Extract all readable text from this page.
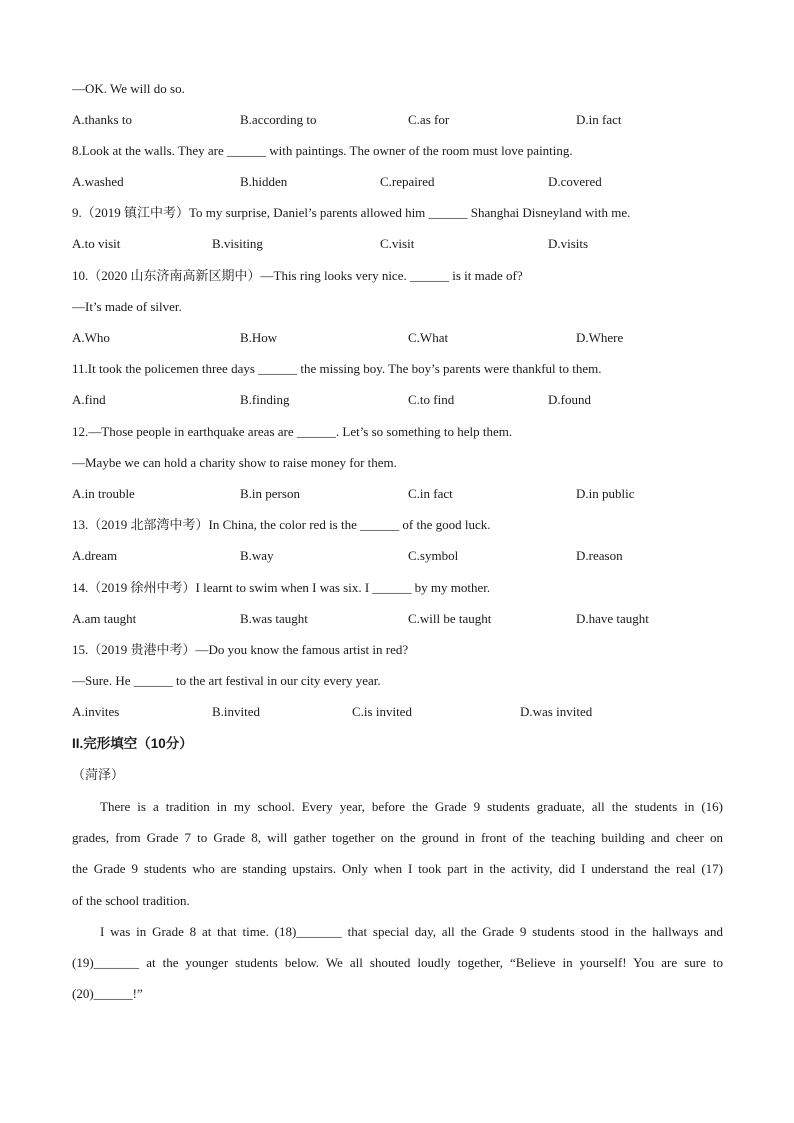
—OK. We will do so.
A.thanks to	B.according to	C.as for	D.in fact
8.Look at the walls. They are ______ with paintings. The owner of the room must love painting.
A.washed	B.hidden	C.repaired	D.covered
9.（2019 镇江中考）To my surprise, Daniel’s parents allowed him ______ Shanghai Disneyland with me.
A.to visit	B.visiting	C.visit	D.visits
10.（2020 山东济南高新区期中）—This ring looks very nice. ______ is it made of?
—It’s made of silver.
A.Who	B.How	C.What	D.Where
11.It took the policemen three days ______ the missing boy. The boy’s parents were thankful to them.
A.find	B.finding	C.to find	D.found
12.—Those people in earthquake areas are ______. Let’s so something to help them.
—Maybe we can hold a charity show to raise money for them.
A.in trouble	B.in person	C.in fact	D.in public
13.（2019 北部湾中考）In China, the color red is the ______ of the good luck.
A.dream	B.way	C.symbol	D.reason
14.（2019 徐州中考）I learnt to swim when I was six. I ______ by my mother.
A.am taught	B.was taught	C.will be taught	D.have taught
15.（2019 贵港中考）—Do you know the famous artist in red?
—Sure. He ______ to the art festival in our city every year.
A.invites	B.invited	C.is invited	D.was invited
II.完形填空（10分）
（菏泽）
There is a tradition in my school. Every year, before the Grade 9 students graduate, all the students in (16)
grades, from Grade 7 to Grade 8, will gather together on the ground in front of the teaching building and cheer on
the Grade 9 students who are standing upstairs. Only when I took part in the activity, did I understand the real (17)
of the school tradition.
I was in Grade 8 at that time. (18)_______ that special day, all the Grade 9 students stood in the hallways and
(19)_______ at the younger students below. We all shouted loudly together, “Believe in yourself! You are sure to
(20)______!”
